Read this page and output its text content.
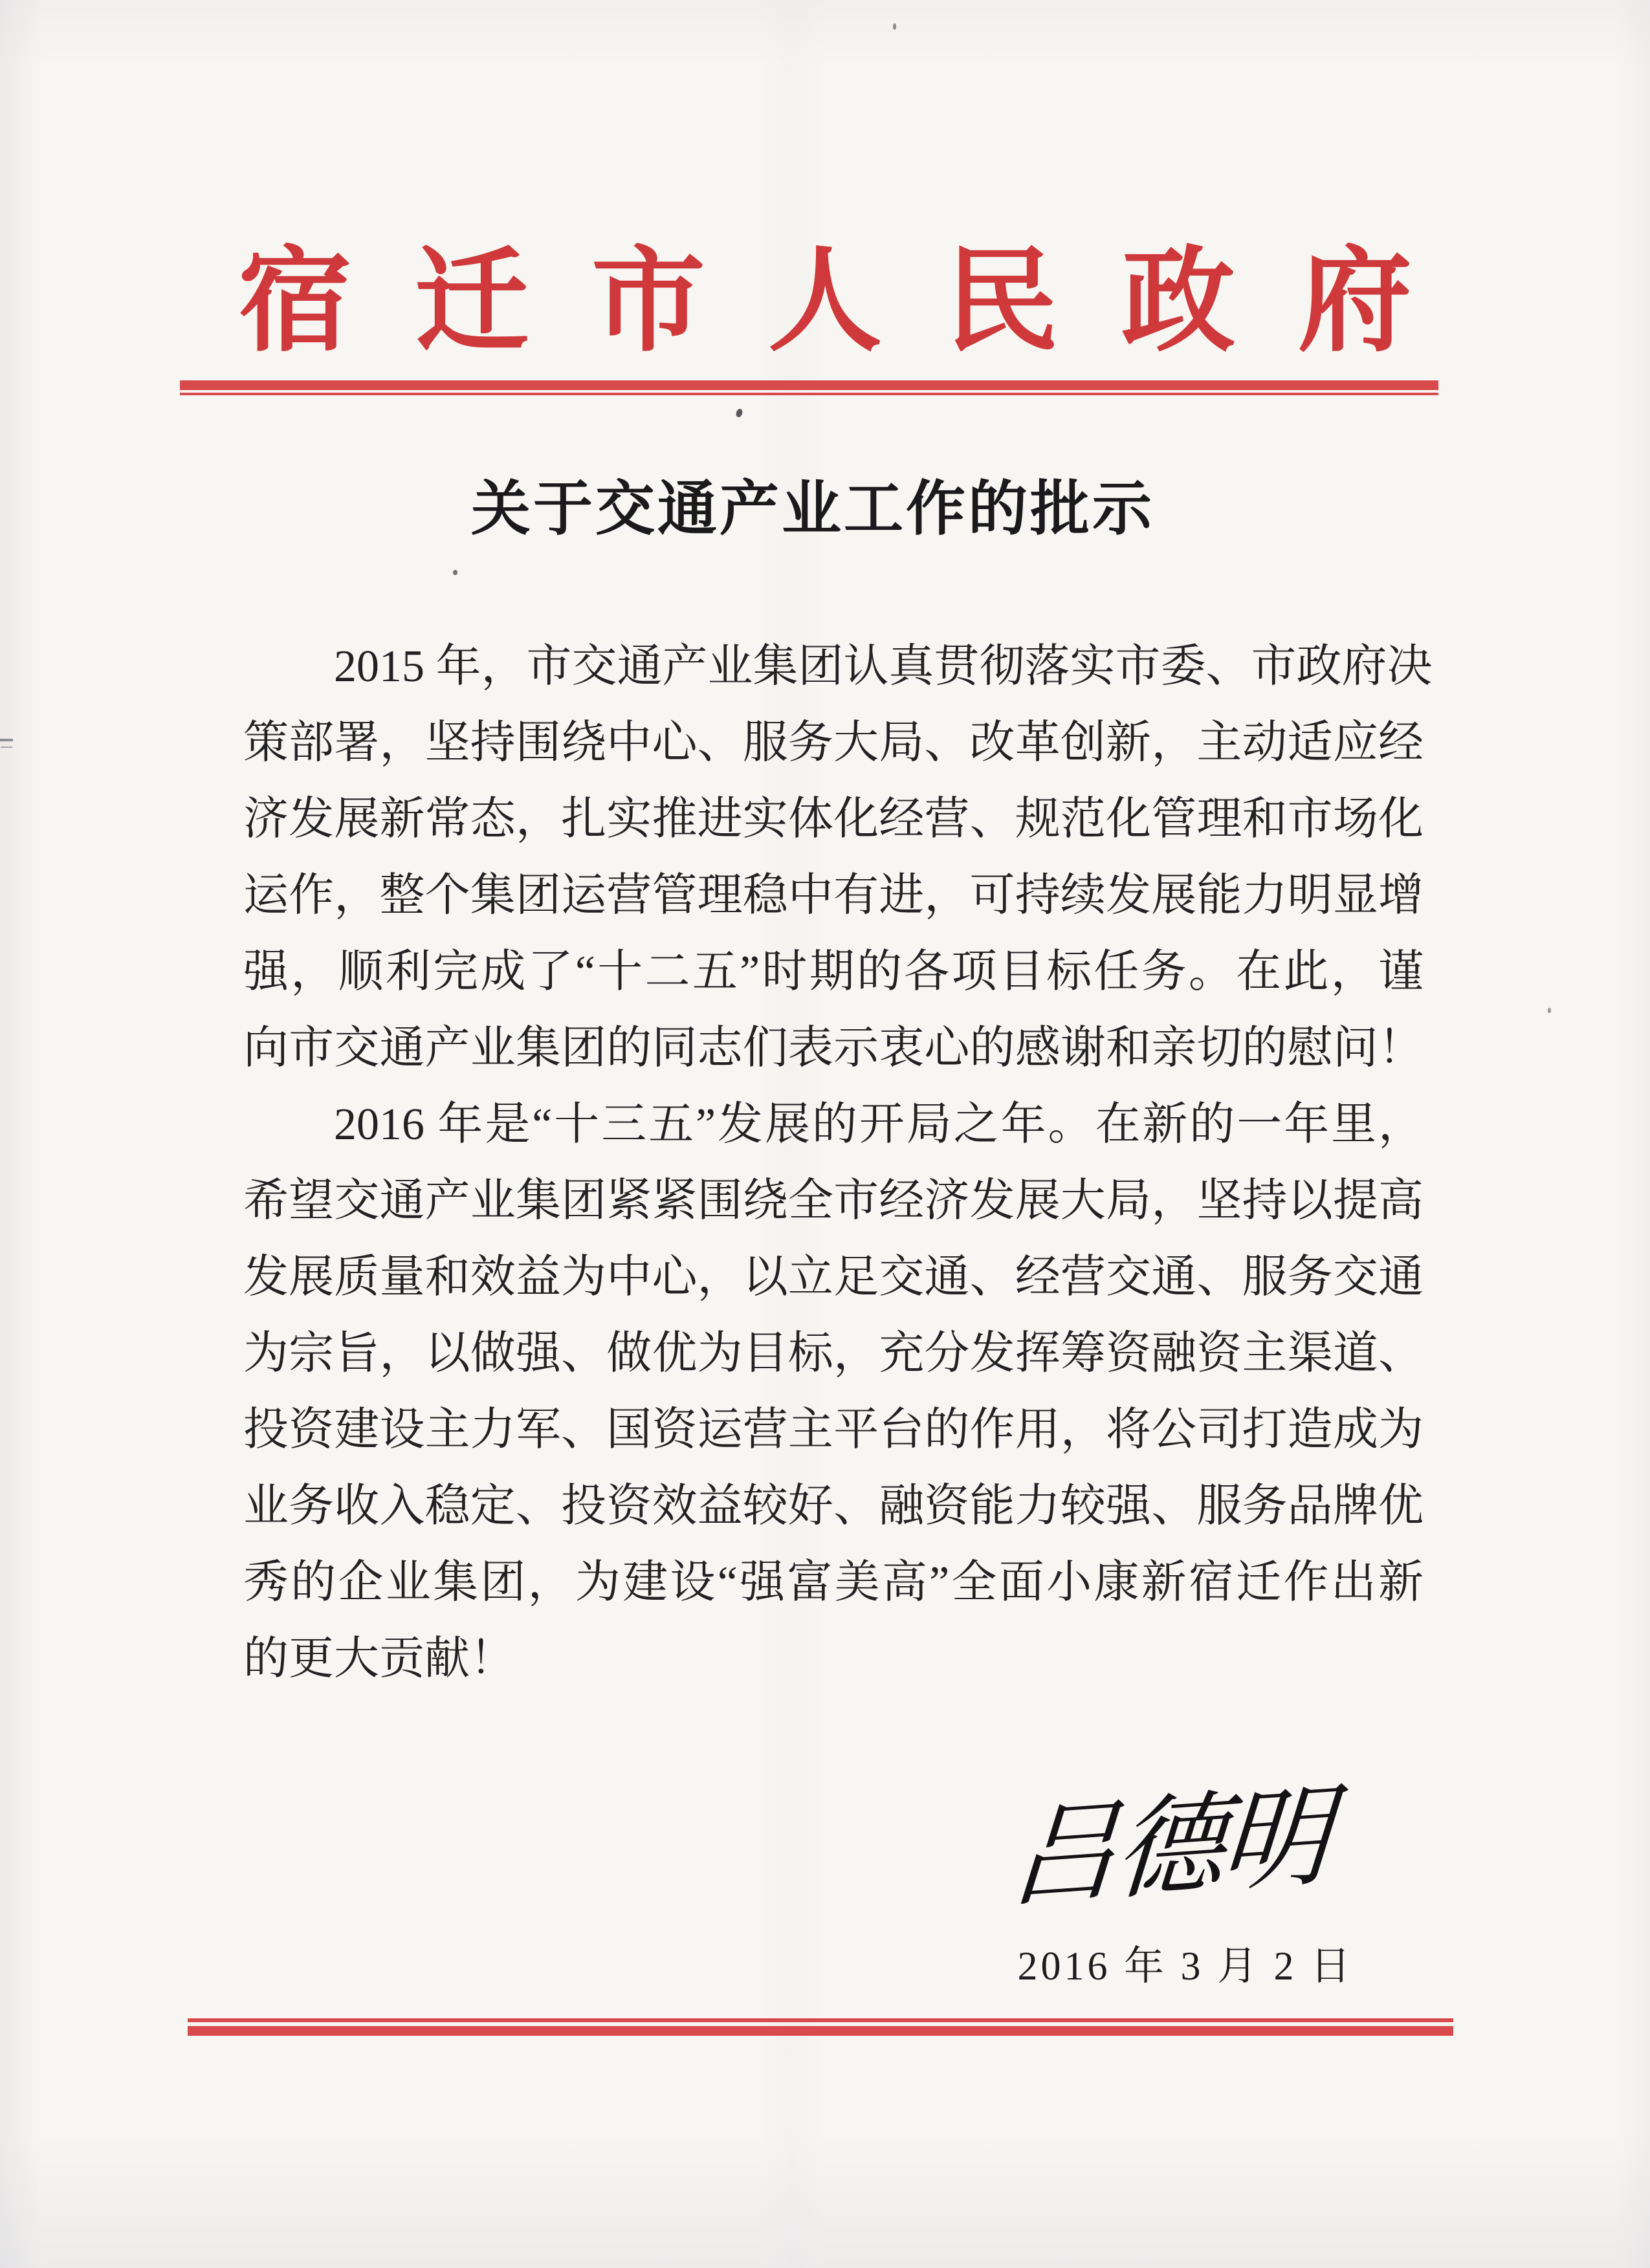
宿迁市人民政府
关于交通产业工作的批示
2015 年，市交通产业集团认真贯彻落实市委、市政府决
策部署，坚持围绕中心、服务大局、改革创新，主动适应经
济发展新常态，扎实推进实体化经营、规范化管理和市场化
运作，整个集团运营管理稳中有进，可持续发展能力明显增
强，顺利完成了“十二五”时期的各项目标任务。在此，谨
向市交通产业集团的同志们表示衷心的感谢和亲切的慰问！
2016 年是“十三五”发展的开局之年。在新的一年里，
希望交通产业集团紧紧围绕全市经济发展大局，坚持以提高
发展质量和效益为中心，以立足交通、经营交通、服务交通
为宗旨，以做强、做优为目标，充分发挥筹资融资主渠道、
投资建设主力军、国资运营主平台的作用，将公司打造成为
业务收入稳定、投资效益较好、融资能力较强、服务品牌优
秀的企业集团，为建设“强富美高”全面小康新宿迁作出新
的更大贡献！
吕德明
2016 年 3 月 2 日
